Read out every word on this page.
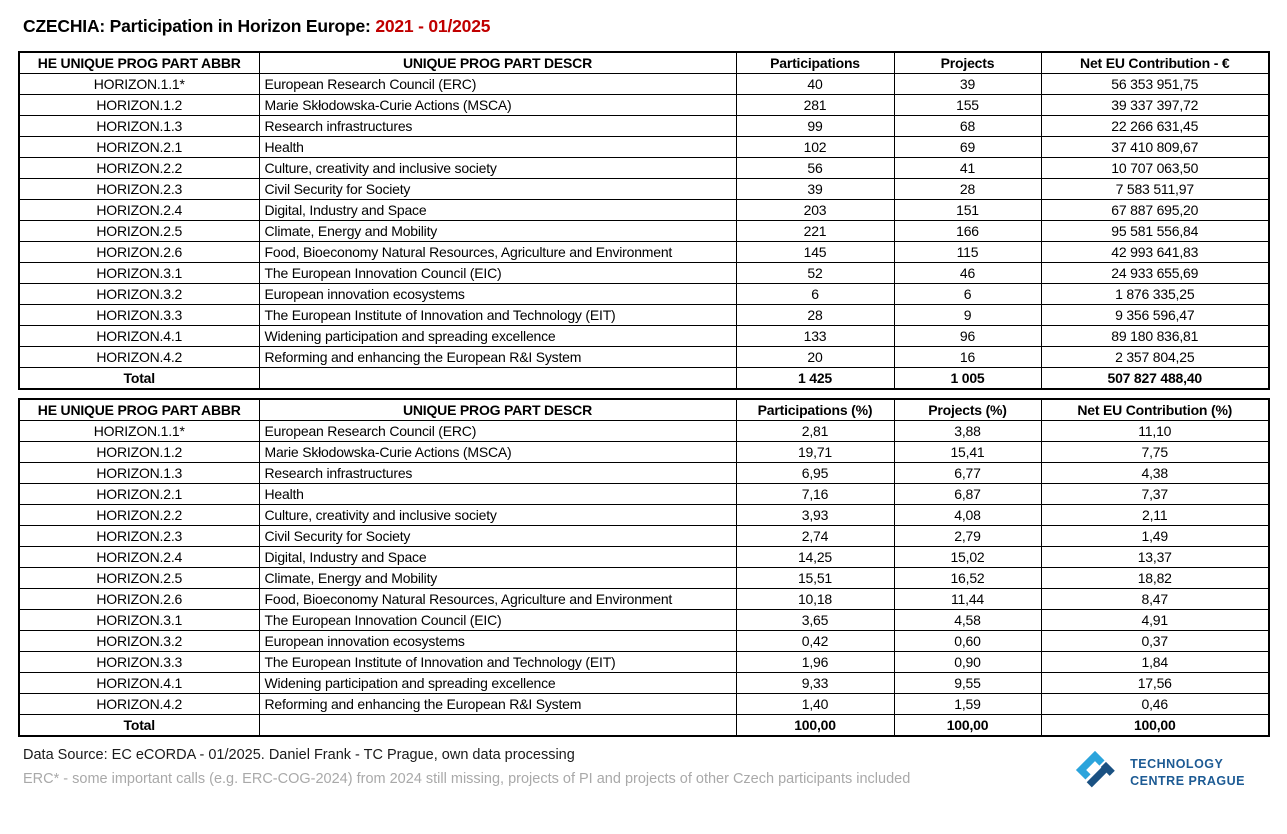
CZECHIA: Participation in Horizon Europe: 2021 - 01/2025
HE UNIQUE PROG PART ABBR	UNIQUE PROG PART DESCR	Participations	Projects	Net EU Contribution - €
HORIZON.1.1*	European Research Council (ERC)	40	39	56 353 951,75
HORIZON.1.2	Marie Skłodowska-Curie Actions (MSCA)	281	155	39 337 397,72
HORIZON.1.3	Research infrastructures	99	68	22 266 631,45
HORIZON.2.1	Health	102	69	37 410 809,67
HORIZON.2.2	Culture, creativity and inclusive society	56	41	10 707 063,50
HORIZON.2.3	Civil Security for Society	39	28	7 583 511,97
HORIZON.2.4	Digital, Industry and Space	203	151	67 887 695,20
HORIZON.2.5	Climate, Energy and Mobility	221	166	95 581 556,84
HORIZON.2.6	Food, Bioeconomy Natural Resources, Agriculture and Environment	145	115	42 993 641,83
HORIZON.3.1	The European Innovation Council (EIC)	52	46	24 933 655,69
HORIZON.3.2	European innovation ecosystems	6	6	1 876 335,25
HORIZON.3.3	The European Institute of Innovation and Technology (EIT)	28	9	9 356 596,47
HORIZON.4.1	Widening participation and spreading excellence	133	96	89 180 836,81
HORIZON.4.2	Reforming and enhancing the European R&I System	20	16	2 357 804,25
Total		1 425	1 005	507 827 488,40
HE UNIQUE PROG PART ABBR	UNIQUE PROG PART DESCR	Participations (%)	Projects (%)	Net EU Contribution (%)
HORIZON.1.1*	European Research Council (ERC)	2,81	3,88	11,10
HORIZON.1.2	Marie Skłodowska-Curie Actions (MSCA)	19,71	15,41	7,75
HORIZON.1.3	Research infrastructures	6,95	6,77	4,38
HORIZON.2.1	Health	7,16	6,87	7,37
HORIZON.2.2	Culture, creativity and inclusive society	3,93	4,08	2,11
HORIZON.2.3	Civil Security for Society	2,74	2,79	1,49
HORIZON.2.4	Digital, Industry and Space	14,25	15,02	13,37
HORIZON.2.5	Climate, Energy and Mobility	15,51	16,52	18,82
HORIZON.2.6	Food, Bioeconomy Natural Resources, Agriculture and Environment	10,18	11,44	8,47
HORIZON.3.1	The European Innovation Council (EIC)	3,65	4,58	4,91
HORIZON.3.2	European innovation ecosystems	0,42	0,60	0,37
HORIZON.3.3	The European Institute of Innovation and Technology (EIT)	1,96	0,90	1,84
HORIZON.4.1	Widening participation and spreading excellence	9,33	9,55	17,56
HORIZON.4.2	Reforming and enhancing the European R&I System	1,40	1,59	0,46
Total		100,00	100,00	100,00
Data Source: EC eCORDA - 01/2025. Daniel Frank - TC Prague, own data processing
ERC* - some important calls (e.g. ERC-COG-2024) from 2024 still missing, projects of PI and projects of other Czech participants included
TECHNOLOGY
CENTRE PRAGUE
